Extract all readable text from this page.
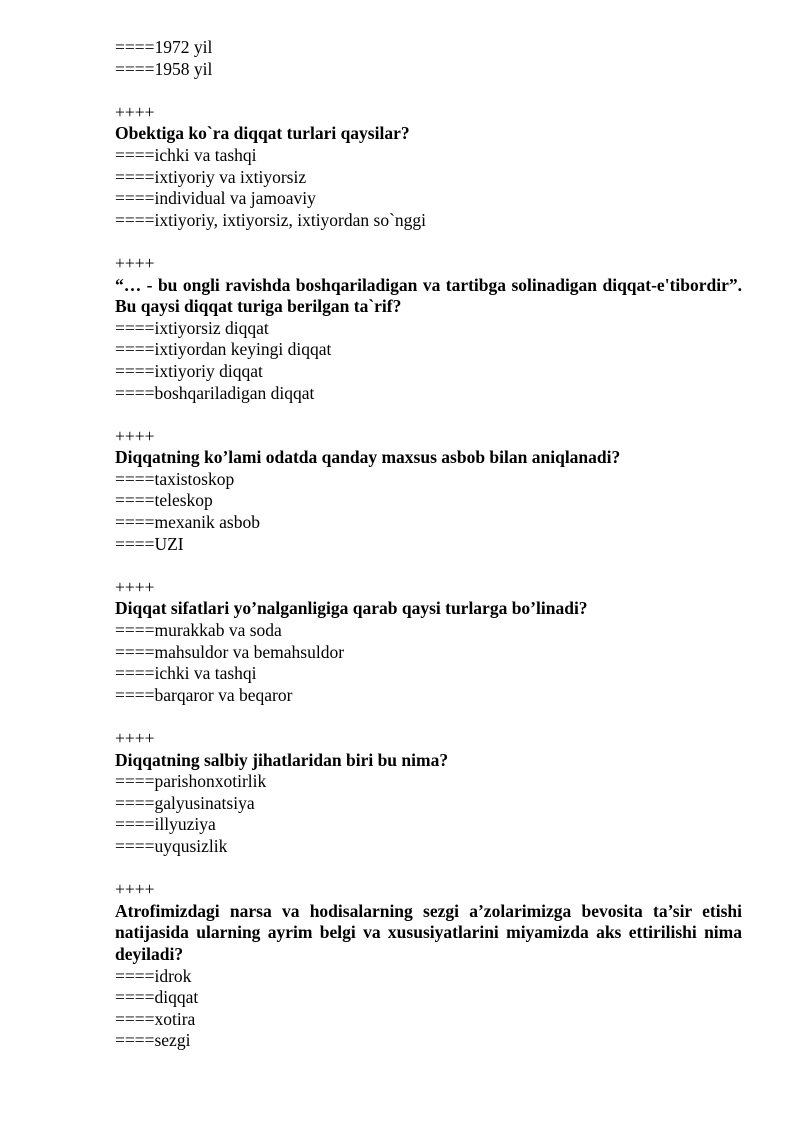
====1972 yil
====1958 yil
++++
Obektiga ko`ra diqqat turlari qaysilar?
====ichki va tashqi
====ixtiyoriy va ixtiyorsiz
====individual va jamoaviy
====ixtiyoriy, ixtiyorsiz, ixtiyordan so`nggi
++++
“… - bu ongli ravishda boshqariladigan va tartibga solinadigan diqqat-e'tibordir”. Bu qaysi diqqat turiga berilgan ta`rif?
====ixtiyorsiz diqqat
====ixtiyordan keyingi diqqat
====ixtiyoriy diqqat
====boshqariladigan diqqat
++++
Diqqatning ko’lami odatda qanday maxsus asbob bilan aniqlanadi?
====taxistoskop
====teleskop
====mexanik asbob
====UZI
++++
Diqqat sifatlari yo’nalganligiga qarab qaysi turlarga bo’linadi?
====murakkab va soda
====mahsuldor va bemahsuldor
====ichki va tashqi
====barqaror va beqaror
++++
Diqqatning salbiy jihatlaridan biri bu nima?
====parishonxotirlik
====galyusinatsiya
====illyuziya
====uyqusizlik
++++
Atrofimizdagi narsa va hodisalarning sezgi a’zolarimizga bevosita ta’sir etishi natijasida ularning ayrim belgi va xususiyatlarini miyamizda aks ettirilishi nima deyiladi?
====idrok
====diqqat
====xotira
====sezgi
